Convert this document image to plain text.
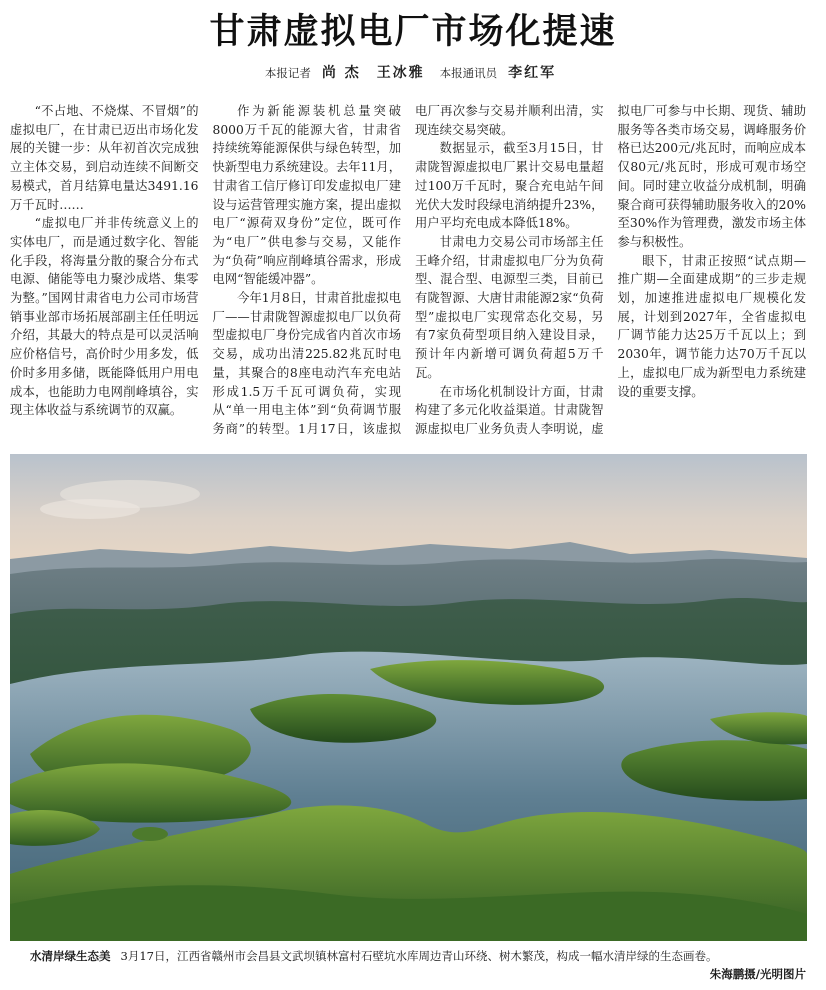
甘肃虚拟电厂市场化提速
本报记者 尚 杰 王冰雅 本报通讯员 李红军

“不占地、不烧煤、不冒烟”的虚拟电厂，在甘肃已迈出市场化发展的关键一步：从年初首次完成独立主体交易，到启动连续不间断交易模式，首月结算电量达3491.16万千瓦时……

“虚拟电厂并非传统意义上的实体电厂，而是通过数字化、智能化手段，将海量分散的聚合分布式电源、储能等电力聚沙成塔、集零为整。”国网甘肃省电力公司市场营销事业部市场拓展部副主任任明远介绍，其最大的特点是可以灵活响应价格信号，高价时少用多发，低价时多用多储，既能降低用户用电成本，也能助力电网削峰填谷，实现主体收益与系统调节的双赢。

作为新能源装机总量突破8000万千瓦的能源大省，甘肃省持续统筹能源保供与绿色转型，加快新型电力系统建设。去年11月，甘肃省工信厅修订印发虚拟电厂建设与运营管理实施方案，提出虚拟电厂“源荷双身份”定位，既可作为“电厂”供电参与交易，又能作为“负荷”响应削峰填谷需求，形成电网“智能缓冲器”。

今年1月8日，甘肃首批虚拟电厂——甘肃陇智源虚拟电厂以负荷型虚拟电厂身份完成省内首次市场交易，成功出清225.82兆瓦时电量，其聚合的8座电动汽车充电站形成1.5万千瓦可调负荷，实现从“单一用电主体”到“负荷调节服务商”的转型。1月17日，该虚拟电厂再次参与交易并顺利出清，实现连续交易突破。

数据显示，截至3月15日，甘肃陇智源虚拟电厂累计交易电量超过100万千瓦时，聚合充电站午间光伏大发时段绿电消纳提升23%，用户平均充电成本降低18%。

甘肃电力交易公司市场部主任王峰介绍，甘肃虚拟电厂分为负荷型、混合型、电源型三类，目前已有陇智源、大唐甘肃能源2家“负荷型”虚拟电厂实现常态化交易，另有7家负荷型项目纳入建设目录，预计年内新增可调负荷超5万千瓦。

在市场化机制设计方面，甘肃构建了多元化收益渠道。甘肃陇智源虚拟电厂业务负责人李明说，虚拟电厂可参与中长期、现货、辅助服务等各类市场交易，调峰服务价格已达200元/兆瓦时，而响应成本仅80元/兆瓦时，形成可观市场空间。同时建立收益分成机制，明确聚合商可获得辅助服务收入的20%至30%作为管理费，激发市场主体参与积极性。

眼下，甘肃正按照“试点期—推广期—全面建成期”的三步走规划，加速推进虚拟电厂规模化发展，计划到2027年，全省虚拟电厂调节能力达25万千瓦以上；到2030年，调节能力达70万千瓦以上，虚拟电厂成为新型电力系统建设的重要支撑。

水清岸绿生态美 3月17日，江西省赣州市会昌县文武坝镇林富村石壁坑水库周边青山环绕、树木繁茂，构成一幅水清岸绿的生态画卷。
朱海鹏摄/光明图片
